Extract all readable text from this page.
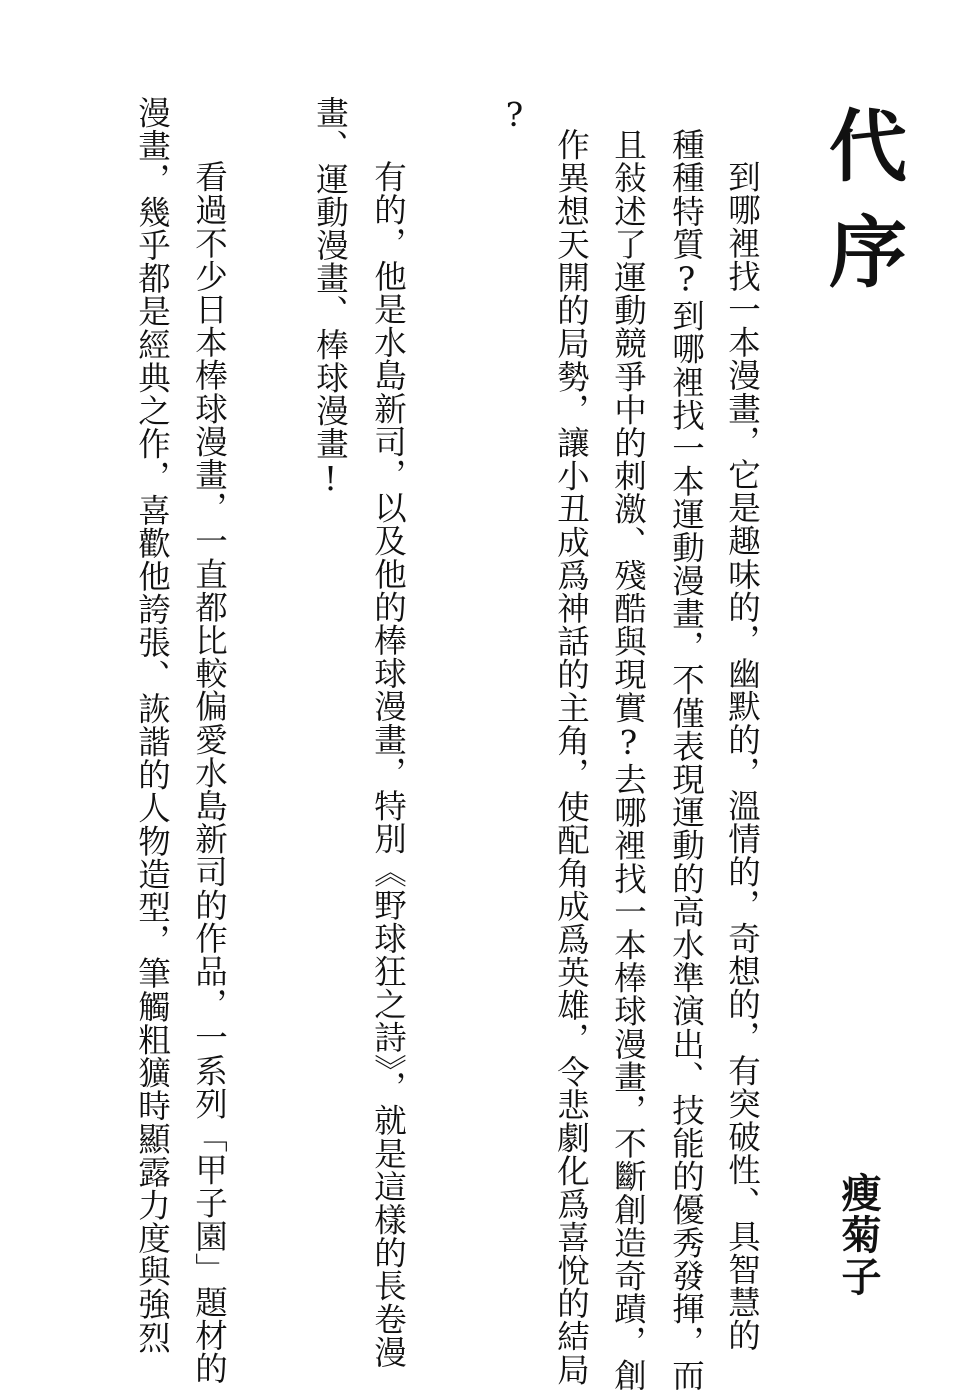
代序
到哪裡找一本漫畫，它是趣味的，幽默的，溫情的，奇想的，有突破性、具智慧的
種種特質?到哪裡找一本運動漫畫，不僅表現運動的高水準演出、技能的優秀發揮，而
且敍述了運動競爭中的刺激、殘酷與現實?去哪裡找一本棒球漫畫，不斷創造奇蹟，創
作異想天開的局勢，讓小丑成爲神話的主角，使配角成爲英雄，令悲劇化爲喜悅的結局
?
有的，他是水島新司，以及他的棒球漫畫，特別《野球狂之詩》，就是這樣的長卷漫
畫、運動漫畫、棒球漫畫!
看過不少日本棒球漫畫，一直都比較偏愛水島新司的作品，一系列「甲子園」題材的
漫畫，幾乎都是經典之作，喜歡他誇張、詼諧的人物造型，筆觸粗獷時顯露力度與強烈	瘦菊子
